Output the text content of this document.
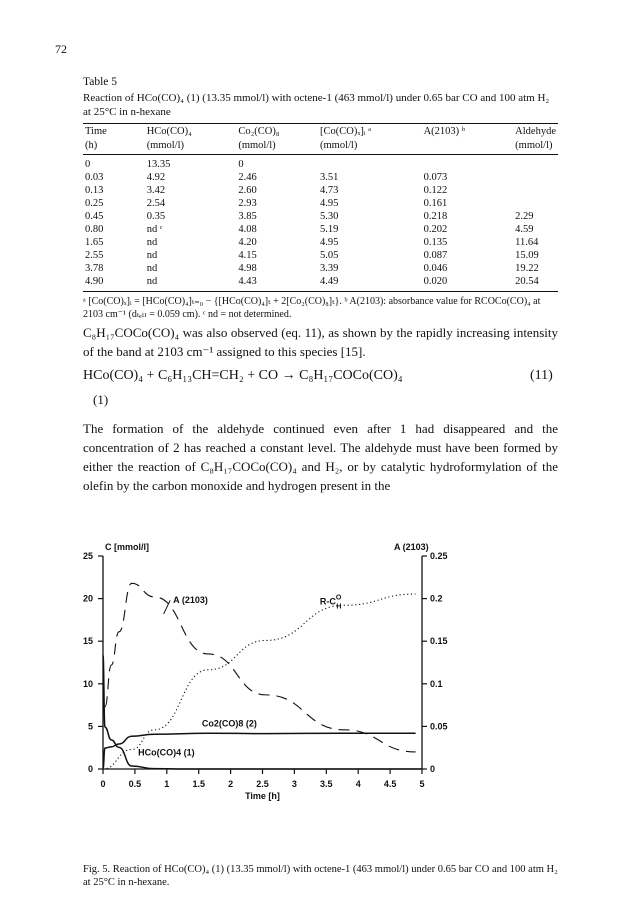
72
Table 5
Reaction of HCo(CO)₄ (1) (13.35 mmol/l) with octene-1 (463 mmol/l) under 0.65 bar CO and 100 atm H₂ at 25°C in n-hexane
Time	HCo(CO)₄	Co₂(CO)₈	[Co(CO)ₓ]ᵢ ᵃ	A(2103) ᵇ	Aldehyde
(h)	(mmol/l)	(mmol/l)	(mmol/l)		(mmol/l)
0	13.35	0			
0.03	4.92	2.46	3.51	0.073	
0.13	3.42	2.60	4.73	0.122	
0.25	2.54	2.93	4.95	0.161	
0.45	0.35	3.85	5.30	0.218	2.29
0.80	nd ᶜ	4.08	5.19	0.202	4.59
1.65	nd	4.20	4.95	0.135	11.64
2.55	nd	4.15	5.05	0.087	15.09
3.78	nd	4.98	3.39	0.046	19.22
4.90	nd	4.43	4.49	0.020	20.54
ᵃ [Co(CO)ₓ]ᵢ = [HCo(CO)₄]ₜ₌₀ − {[HCo(CO)₄]ₜ + 2[Co₂(CO)₈]ₜ}. ᵇ A(2103): absorbance value for RCOCo(CO)₄ at 2103 cm⁻¹ (dₜₑₗₗ = 0.059 cm). ᶜ nd = not determined.
C₈H₁₇COCo(CO)₄ was also observed (eq. 11), as shown by the rapidly increasing intensity of the band at 2103 cm⁻¹ assigned to this species [15].
HCo(CO)₄ + C₆H₁₃CH=CH₂ + CO → C₈H₁₇COCo(CO)₄	(11)
(1)
The formation of the aldehyde continued even after 1 had disappeared and the concentration of 2 has reached a constant level. The aldehyde must have been formed by either the reaction of C₈H₁₇COCo(CO)₄ and H₂, or by catalytic hydroformylation of the olefin by the carbon monoxide and hydrogen present in the
0	0.5	1	1.5	2	2.5	3	3.5	4	4.5	5
0
5
10
15
20
25
0
0.05
0.1
0.15
0.2
0.25
C [mmol/l]	A (2103)
Time [h]
A (2103)	$R-C^O$ H
Co2(CO)8 (2)
HCo(CO)4 (1)
Fig. 5. Reaction of HCo(CO)₄ (1) (13.35 mmol/l) with octene-1 (463 mmol/l) under 0.65 bar CO and 100 atm H₂ at 25°C in n-hexane.
